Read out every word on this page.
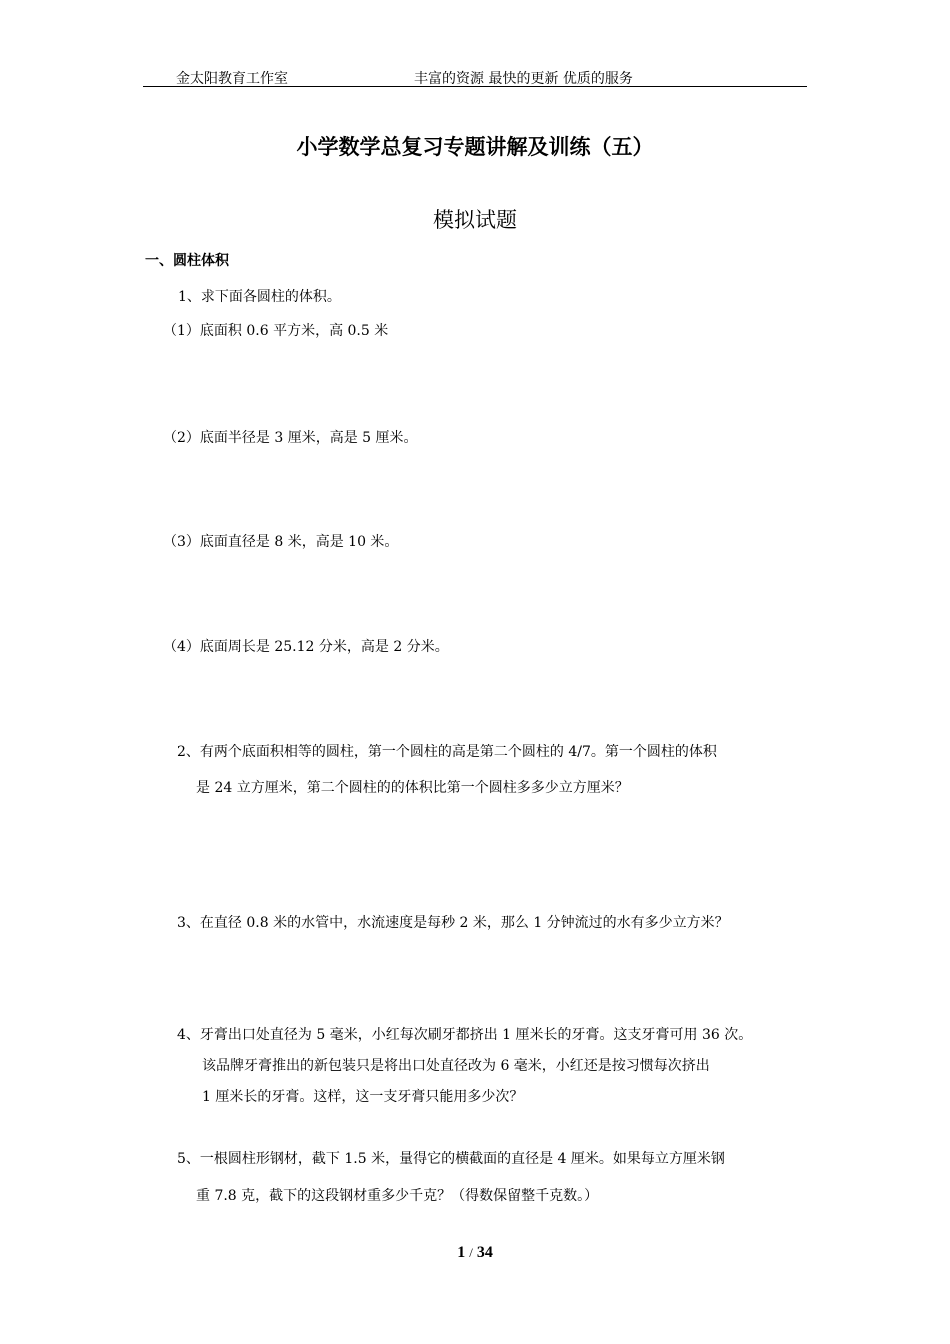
金太阳教育工作室	丰富的资源 最快的更新 优质的服务
小学数学总复习专题讲解及训练（五）
模拟试题
一、圆柱体积
1、求下面各圆柱的体积。
（1）底面积 0.6 平方米，高 0.5 米
（2）底面半径是 3 厘米，高是 5 厘米。
（3）底面直径是 8 米，高是 10 米。
（4）底面周长是 25.12 分米，高是 2 分米。
2、有两个底面积相等的圆柱，第一个圆柱的高是第二个圆柱的 4/7。第一个圆柱的体积
是 24 立方厘米，第二个圆柱的的体积比第一个圆柱多多少立方厘米？
3、在直径 0.8 米的水管中，水流速度是每秒 2 米，那么 1 分钟流过的水有多少立方米？
4、牙膏出口处直径为 5 毫米，小红每次刷牙都挤出 1 厘米长的牙膏。这支牙膏可用 36 次。
该品牌牙膏推出的新包装只是将出口处直径改为 6 毫米，小红还是按习惯每次挤出
1 厘米长的牙膏。这样，这一支牙膏只能用多少次？
5、一根圆柱形钢材，截下 1.5 米，量得它的横截面的直径是 4 厘米。如果每立方厘米钢
重 7.8 克，截下的这段钢材重多少千克？（得数保留整千克数。）
1 / 34
